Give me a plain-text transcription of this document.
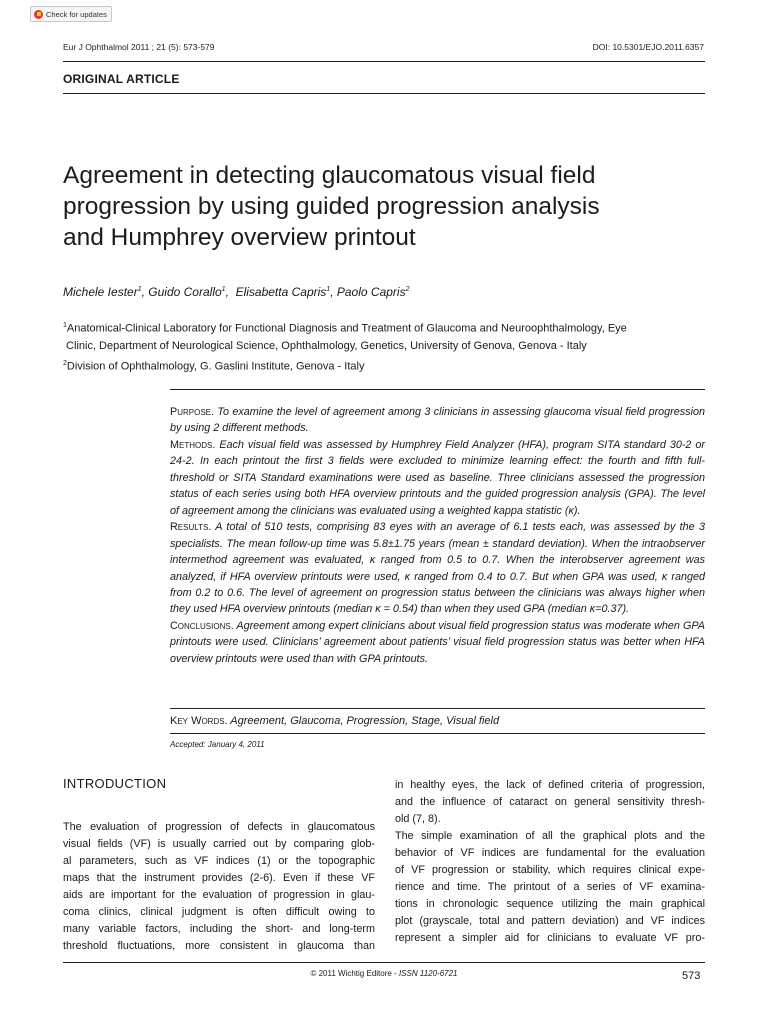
Check for updates
Eur J Ophthalmol 2011 ; 21 (5): 573-579	DOI: 10.5301/EJO.2011.6357
ORIGINAL ARTICLE
Agreement in detecting glaucomatous visual field
progression by using guided progression analysis
and Humphrey overview printout
Michele Iester$^1$, Guido Corallo$^1$,  Elisabetta Capris$^1$, Paolo Capris$^2$
$^1$Anatomical-Clinical Laboratory for Functional Diagnosis and Treatment of Glaucoma and Neuroophthalmology, Eye
Clinic, Department of Neurological Science, Ophthalmology, Genetics, University of Genova, Genova - Italy
$^2$Division of Ophthalmology, G. Gaslini Institute, Genova - Italy

Purpose. To examine the level of agreement among 3 clinicians in assessing glaucoma visual field progression by using 2 different methods.

Methods. Each visual field was assessed by Humphrey Field Analyzer (HFA), program SITA standard 30-2 or 24-2. In each printout the first 3 fields were excluded to minimize learning effect: the fourth and fifth full-threshold or SITA Standard examinations were used as baseline. Three clinicians assessed the progression status of each series using both HFA overview printouts and the guided progression analysis (GPA). The level of agreement among the clinicians was evaluated using a weighted kappa statistic (κ).

Results. A total of 510 tests, comprising 83 eyes with an average of 6.1 tests each, was assessed by the 3 specialists. The mean follow-up time was 5.8±1.75 years (mean ± standard deviation). When the intraobserver intermethod agreement was evaluated, κ ranged from 0.5 to 0.7. When the interobserver agreement was analyzed, if HFA overview printouts were used, κ ranged from 0.4 to 0.7. But when GPA was used, κ ranged from 0.2 to 0.6. The level of agreement on progression status between the clinicians was always higher when they used HFA overview printouts (median κ = 0.54) than when they used GPA (median κ=0.37).

Conclusions. Agreement among expert clinicians about visual field progression status was moderate when GPA printouts were used. Clinicians’ agreement about patients’ visual field progression status was better when HFA overview printouts were used than with GPA printouts.

Key Words. Agreement, Glaucoma, Progression, Stage, Visual field
Accepted: January 4, 2011
INTRODUCTION
The evaluation of progression of defects in glaucomatous
visual fields (VF) is usually carried out by comparing glob-
al parameters, such as VF indices (1) or the topographic
maps that the instrument provides (2-6). Even if these VF
aids are important for the evaluation of progression in glau-
coma clinics, clinical judgment is often difficult owing to
many variable factors, including the short- and long-term
threshold fluctuations, more consistent in glaucoma than
in healthy eyes, the lack of defined criteria of progression,
and the influence of cataract on general sensitivity thresh-
old (7, 8).
The simple examination of all the graphical plots and the
behavior of VF indices are fundamental for the evaluation
of VF progression or stability, which requires clinical expe-
rience and time. The printout of a series of VF examina-
tions in chronologic sequence utilizing the main graphical
plot (grayscale, total and pattern deviation) and VF indices
represent a simpler aid for clinicians to evaluate VF pro-
© 2011 Wichtig Editore - ISSN 1120-6721	573
